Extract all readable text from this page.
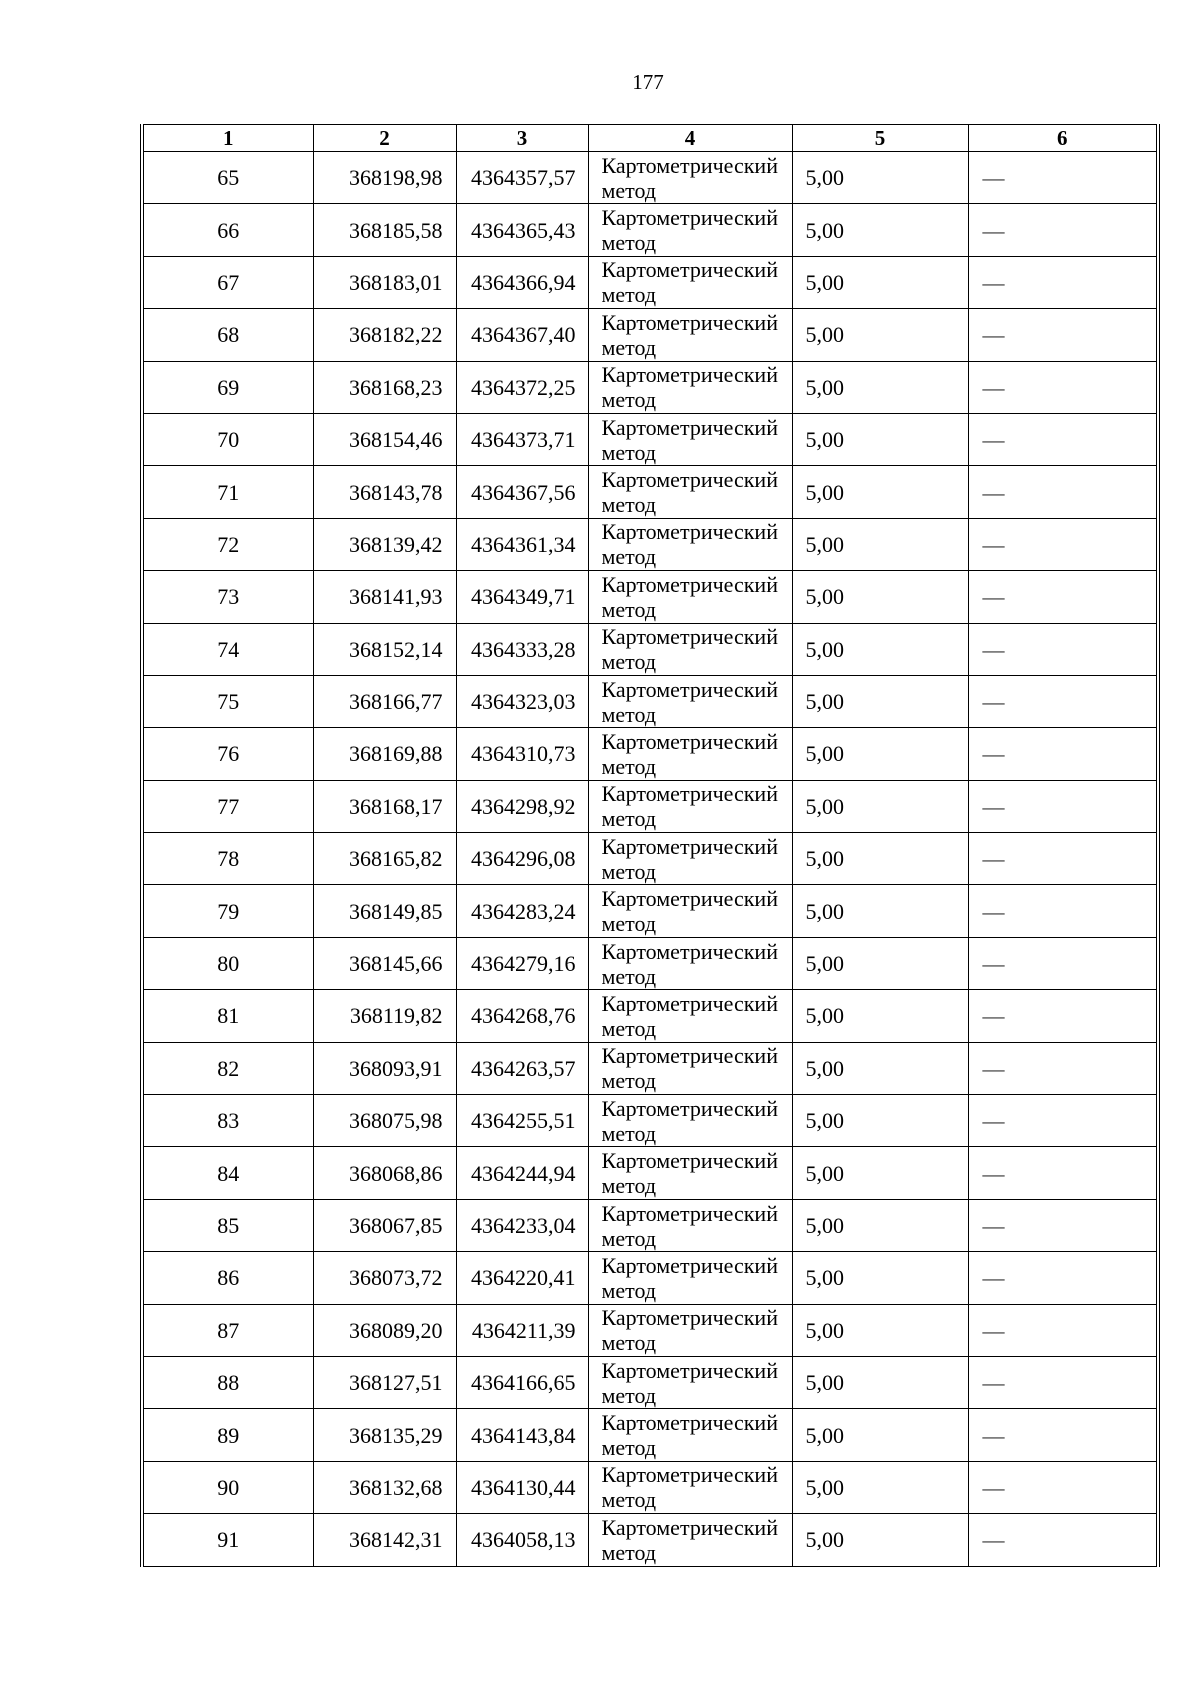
177
1	2	3	4	5	6
65	368198,98	4364357,57	Картометрический метод	5,00	—
66	368185,58	4364365,43	Картометрический метод	5,00	—
67	368183,01	4364366,94	Картометрический метод	5,00	—
68	368182,22	4364367,40	Картометрический метод	5,00	—
69	368168,23	4364372,25	Картометрический метод	5,00	—
70	368154,46	4364373,71	Картометрический метод	5,00	—
71	368143,78	4364367,56	Картометрический метод	5,00	—
72	368139,42	4364361,34	Картометрический метод	5,00	—
73	368141,93	4364349,71	Картометрический метод	5,00	—
74	368152,14	4364333,28	Картометрический метод	5,00	—
75	368166,77	4364323,03	Картометрический метод	5,00	—
76	368169,88	4364310,73	Картометрический метод	5,00	—
77	368168,17	4364298,92	Картометрический метод	5,00	—
78	368165,82	4364296,08	Картометрический метод	5,00	—
79	368149,85	4364283,24	Картометрический метод	5,00	—
80	368145,66	4364279,16	Картометрический метод	5,00	—
81	368119,82	4364268,76	Картометрический метод	5,00	—
82	368093,91	4364263,57	Картометрический метод	5,00	—
83	368075,98	4364255,51	Картометрический метод	5,00	—
84	368068,86	4364244,94	Картометрический метод	5,00	—
85	368067,85	4364233,04	Картометрический метод	5,00	—
86	368073,72	4364220,41	Картометрический метод	5,00	—
87	368089,20	4364211,39	Картометрический метод	5,00	—
88	368127,51	4364166,65	Картометрический метод	5,00	—
89	368135,29	4364143,84	Картометрический метод	5,00	—
90	368132,68	4364130,44	Картометрический метод	5,00	—
91	368142,31	4364058,13	Картометрический метод	5,00	—
